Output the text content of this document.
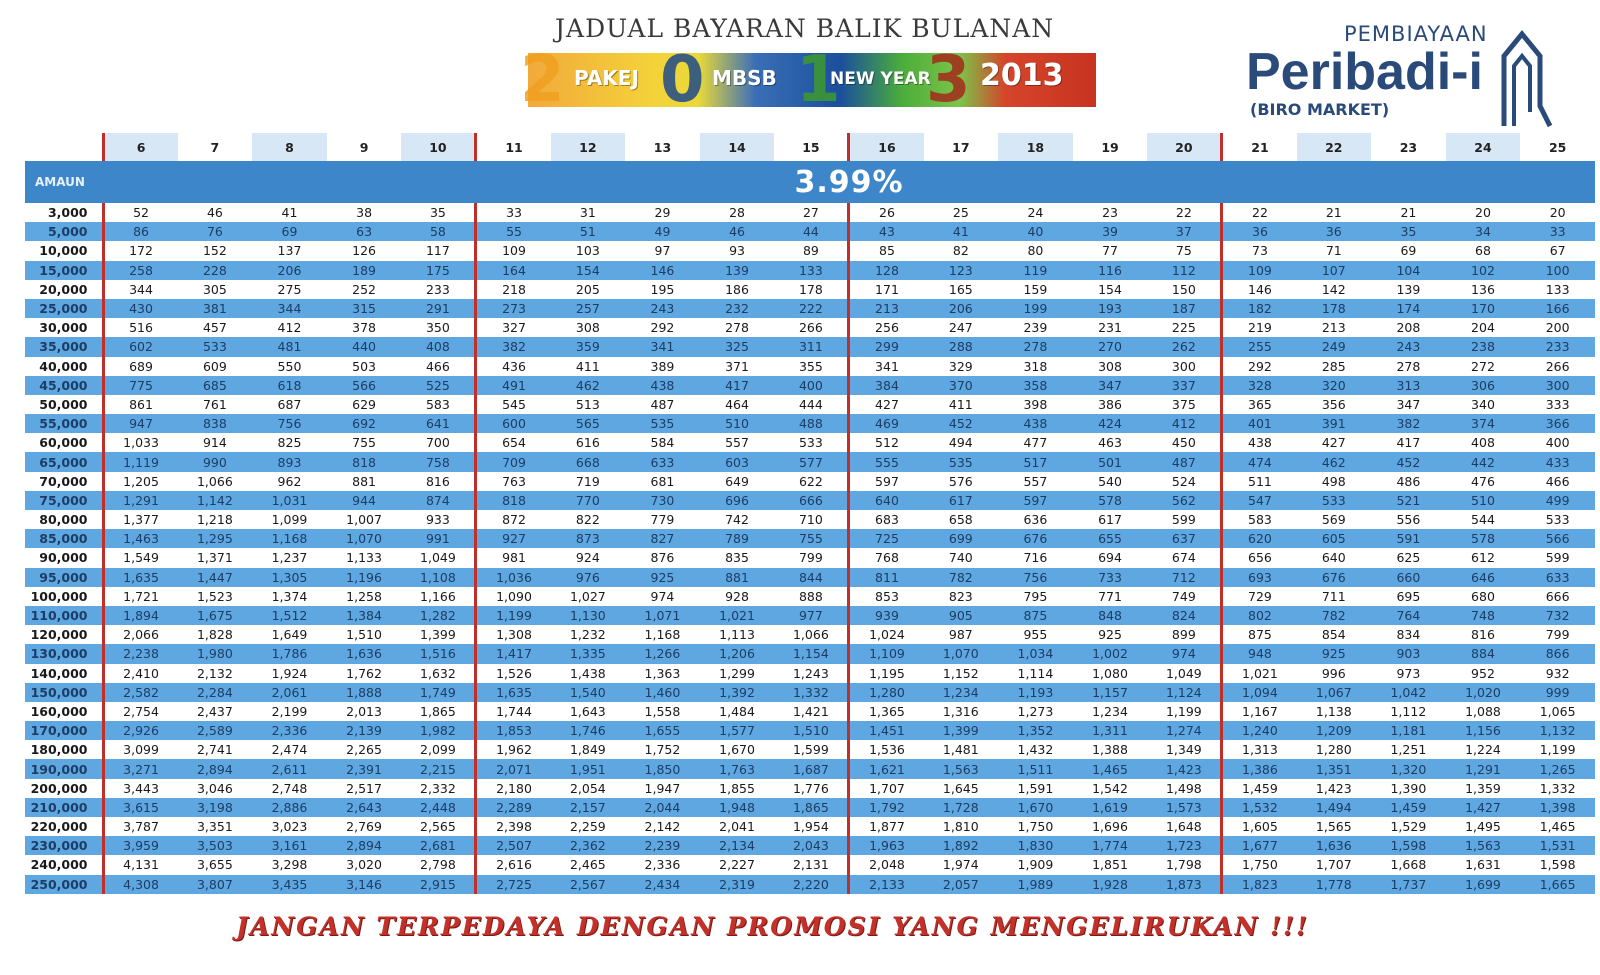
JADUAL BAYARAN BALIK BULANAN
2 PAKEJ 0 MBSB 1
NEW YEAR
3 2013
PEMBIAYAAN
Peribadi-i
(BIRO MARKET)
	6	7	8	9	10	11	12	13	14	15	16	17	18	19	20	21	22	23	24	25
AMAUN	3.99%																			
3,000	52	46	41	38	35	33	31	29	28	27	26	25	24	23	22	22	21	21	20	20
5,000	86	76	69	63	58	55	51	49	46	44	43	41	40	39	37	36	36	35	34	33
10,000	172	152	137	126	117	109	103	97	93	89	85	82	80	77	75	73	71	69	68	67
15,000	258	228	206	189	175	164	154	146	139	133	128	123	119	116	112	109	107	104	102	100
20,000	344	305	275	252	233	218	205	195	186	178	171	165	159	154	150	146	142	139	136	133
25,000	430	381	344	315	291	273	257	243	232	222	213	206	199	193	187	182	178	174	170	166
30,000	516	457	412	378	350	327	308	292	278	266	256	247	239	231	225	219	213	208	204	200
35,000	602	533	481	440	408	382	359	341	325	311	299	288	278	270	262	255	249	243	238	233
40,000	689	609	550	503	466	436	411	389	371	355	341	329	318	308	300	292	285	278	272	266
45,000	775	685	618	566	525	491	462	438	417	400	384	370	358	347	337	328	320	313	306	300
50,000	861	761	687	629	583	545	513	487	464	444	427	411	398	386	375	365	356	347	340	333
55,000	947	838	756	692	641	600	565	535	510	488	469	452	438	424	412	401	391	382	374	366
60,000	1,033	914	825	755	700	654	616	584	557	533	512	494	477	463	450	438	427	417	408	400
65,000	1,119	990	893	818	758	709	668	633	603	577	555	535	517	501	487	474	462	452	442	433
70,000	1,205	1,066	962	881	816	763	719	681	649	622	597	576	557	540	524	511	498	486	476	466
75,000	1,291	1,142	1,031	944	874	818	770	730	696	666	640	617	597	578	562	547	533	521	510	499
80,000	1,377	1,218	1,099	1,007	933	872	822	779	742	710	683	658	636	617	599	583	569	556	544	533
85,000	1,463	1,295	1,168	1,070	991	927	873	827	789	755	725	699	676	655	637	620	605	591	578	566
90,000	1,549	1,371	1,237	1,133	1,049	981	924	876	835	799	768	740	716	694	674	656	640	625	612	599
95,000	1,635	1,447	1,305	1,196	1,108	1,036	976	925	881	844	811	782	756	733	712	693	676	660	646	633
100,000	1,721	1,523	1,374	1,258	1,166	1,090	1,027	974	928	888	853	823	795	771	749	729	711	695	680	666
110,000	1,894	1,675	1,512	1,384	1,282	1,199	1,130	1,071	1,021	977	939	905	875	848	824	802	782	764	748	732
120,000	2,066	1,828	1,649	1,510	1,399	1,308	1,232	1,168	1,113	1,066	1,024	987	955	925	899	875	854	834	816	799
130,000	2,238	1,980	1,786	1,636	1,516	1,417	1,335	1,266	1,206	1,154	1,109	1,070	1,034	1,002	974	948	925	903	884	866
140,000	2,410	2,132	1,924	1,762	1,632	1,526	1,438	1,363	1,299	1,243	1,195	1,152	1,114	1,080	1,049	1,021	996	973	952	932
150,000	2,582	2,284	2,061	1,888	1,749	1,635	1,540	1,460	1,392	1,332	1,280	1,234	1,193	1,157	1,124	1,094	1,067	1,042	1,020	999
160,000	2,754	2,437	2,199	2,013	1,865	1,744	1,643	1,558	1,484	1,421	1,365	1,316	1,273	1,234	1,199	1,167	1,138	1,112	1,088	1,065
170,000	2,926	2,589	2,336	2,139	1,982	1,853	1,746	1,655	1,577	1,510	1,451	1,399	1,352	1,311	1,274	1,240	1,209	1,181	1,156	1,132
180,000	3,099	2,741	2,474	2,265	2,099	1,962	1,849	1,752	1,670	1,599	1,536	1,481	1,432	1,388	1,349	1,313	1,280	1,251	1,224	1,199
190,000	3,271	2,894	2,611	2,391	2,215	2,071	1,951	1,850	1,763	1,687	1,621	1,563	1,511	1,465	1,423	1,386	1,351	1,320	1,291	1,265
200,000	3,443	3,046	2,748	2,517	2,332	2,180	2,054	1,947	1,855	1,776	1,707	1,645	1,591	1,542	1,498	1,459	1,423	1,390	1,359	1,332
210,000	3,615	3,198	2,886	2,643	2,448	2,289	2,157	2,044	1,948	1,865	1,792	1,728	1,670	1,619	1,573	1,532	1,494	1,459	1,427	1,398
220,000	3,787	3,351	3,023	2,769	2,565	2,398	2,259	2,142	2,041	1,954	1,877	1,810	1,750	1,696	1,648	1,605	1,565	1,529	1,495	1,465
230,000	3,959	3,503	3,161	2,894	2,681	2,507	2,362	2,239	2,134	2,043	1,963	1,892	1,830	1,774	1,723	1,677	1,636	1,598	1,563	1,531
240,000	4,131	3,655	3,298	3,020	2,798	2,616	2,465	2,336	2,227	2,131	2,048	1,974	1,909	1,851	1,798	1,750	1,707	1,668	1,631	1,598
250,000	4,308	3,807	3,435	3,146	2,915	2,725	2,567	2,434	2,319	2,220	2,133	2,057	1,989	1,928	1,873	1,823	1,778	1,737	1,699	1,665
JANGAN TERPEDAYA DENGAN PROMOSI YANG MENGELIRUKAN !!!
